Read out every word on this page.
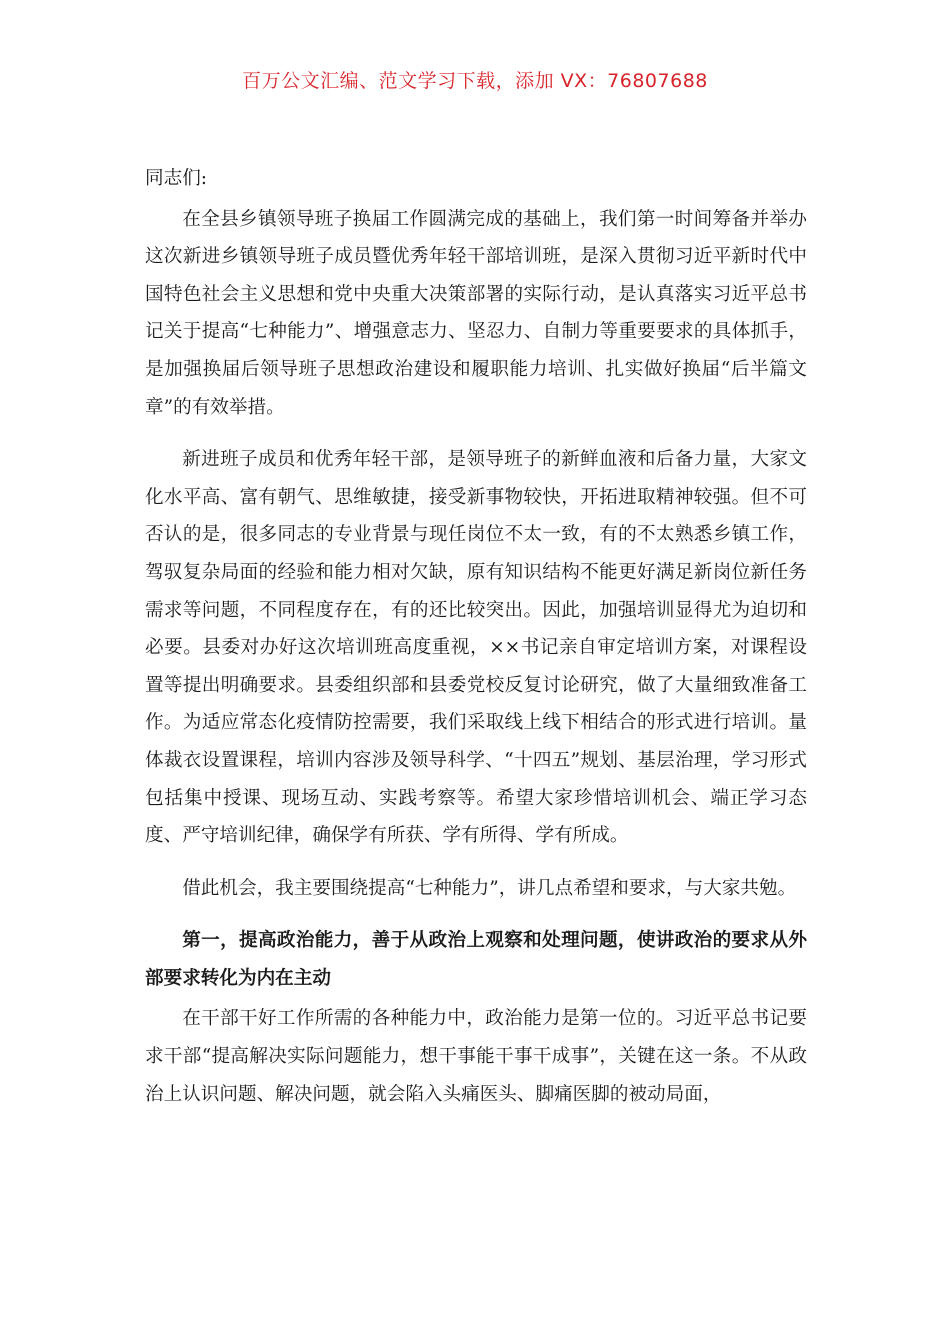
百万公文汇编、范文学习下载，添加 VX：76807688

同志们:

在全县乡镇领导班子换届工作圆满完成的基础上，我们第一时间筹备并举办这次新进乡镇领导班子成员暨优秀年轻干部培训班，是深入贯彻习近平新时代中国特色社会主义思想和党中央重大决策部署的实际行动，是认真落实习近平总书记关于提高“七种能力”、增强意志力、坚忍力、自制力等重要要求的具体抓手，是加强换届后领导班子思想政治建设和履职能力培训、扎实做好换届“后半篇文章”的有效举措。

新进班子成员和优秀年轻干部，是领导班子的新鲜血液和后备力量，大家文化水平高、富有朝气、思维敏捷，接受新事物较快，开拓进取精神较强。但不可否认的是，很多同志的专业背景与现任岗位不太一致，有的不太熟悉乡镇工作，驾驭复杂局面的经验和能力相对欠缺，原有知识结构不能更好满足新岗位新任务需求等问题，不同程度存在，有的还比较突出。因此，加强培训显得尤为迫切和必要。县委对办好这次培训班高度重视，××书记亲自审定培训方案，对课程设置等提出明确要求。县委组织部和县委党校反复讨论研究，做了大量细致准备工作。为适应常态化疫情防控需要，我们采取线上线下相结合的形式进行培训。量体裁衣设置课程，培训内容涉及领导科学、“十四五”规划、基层治理，学习形式包括集中授课、现场互动、实践考察等。希望大家珍惜培训机会、端正学习态度、严守培训纪律，确保学有所获、学有所得、学有所成。

借此机会，我主要围绕提高“七种能力”，讲几点希望和要求，与大家共勉。

第一，提高政治能力，善于从政治上观察和处理问题，使讲政治的要求从外部要求转化为内在主动

在干部干好工作所需的各种能力中，政治能力是第一位的。习近平总书记要求干部“提高解决实际问题能力，想干事能干事干成事”，关键在这一条。不从政治上认识问题、解决问题，就会陷入头痛医头、脚痛医脚的被动局面，
